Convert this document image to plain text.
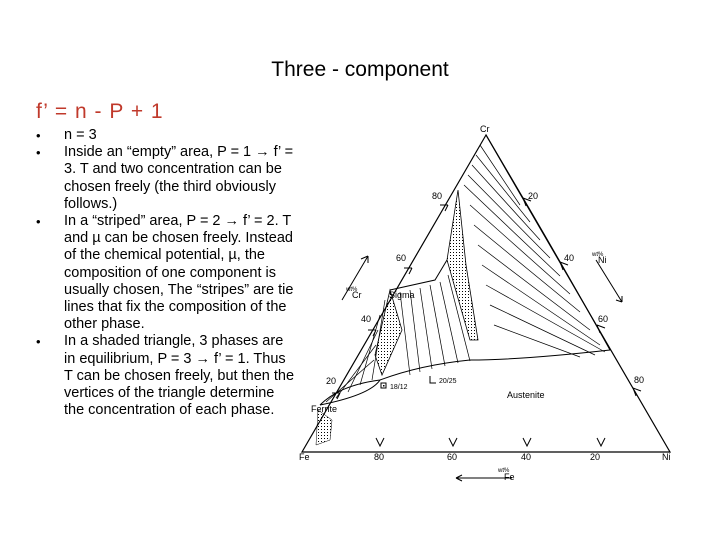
Three - component
f’ = n - P + 1
•	n = 3
•	Inside an “empty” area, P = 1 → f’ = 3. T and two concentration can be chosen freely (the third obviously follows.)
•	In a “striped” area, P = 2 → f’ = 2. T and µ can be chosen freely. Instead of the chemical potential, µ, the composition of one component is usually chosen, The “stripes” are tie lines that fix the composition of the other phase.
•	In a shaded triangle, 3 phases are in equilibrium, P = 3 → f’ = 1. Thus T can be chosen freely, but then the vertices of the triangle determine the concentration of each phase.
80
60
40
20
20
40
60
80
80	60	40	20
Cr
Fe	Ni
wt%
Cr
wt%
Ni
wt%
Fe
Sigma
Austenite
Ferrite
18/12
20/25
